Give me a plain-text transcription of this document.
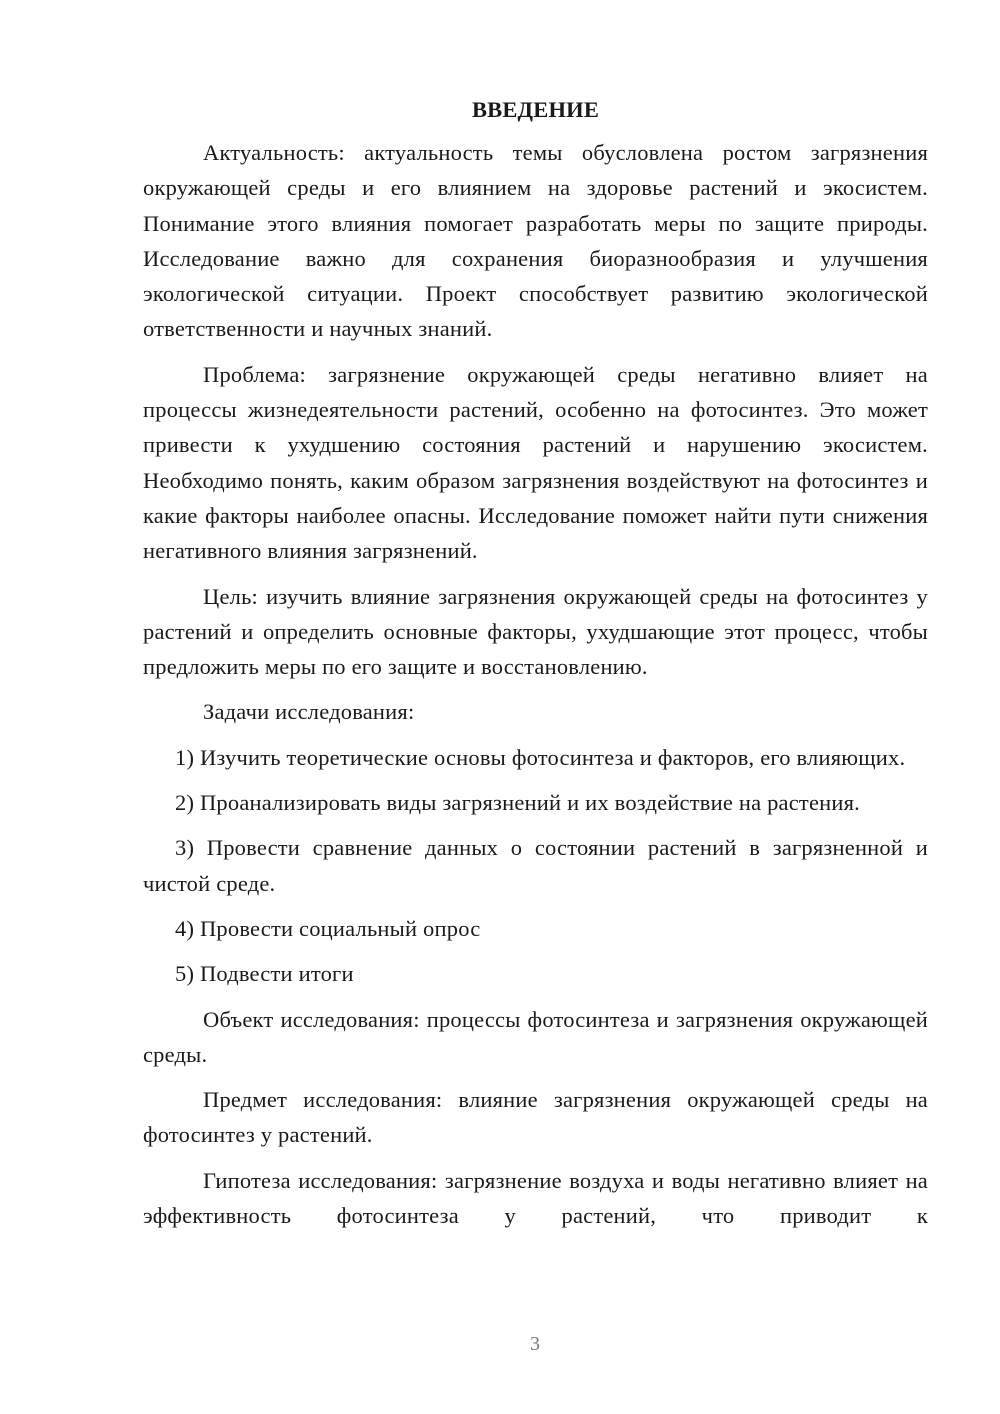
ВВЕДЕНИЕ

Актуальность: актуальность темы обусловлена ростом загрязнения окружающей среды и его влиянием на здоровье растений и экосистем. Понимание этого влияния помогает разработать меры по защите природы. Исследование важно для сохранения биоразнообразия и улучшения экологической ситуации. Проект способствует развитию экологической ответственности и научных знаний.

Проблема: загрязнение окружающей среды негативно влияет на процессы жизнедеятельности растений, особенно на фотосинтез. Это может привести к ухудшению состояния растений и нарушению экосистем. Необходимо понять, каким образом загрязнения воздействуют на фотосинтез и какие факторы наиболее опасны. Исследование поможет найти пути снижения негативного влияния загрязнений.

Цель: изучить влияние загрязнения окружающей среды на фотосинтез у растений и определить основные факторы, ухудшающие этот процесс, чтобы предложить меры по его защите и восстановлению.

Задачи исследования:

1) Изучить теоретические основы фотосинтеза и факторов, его влияющих.

2) Проанализировать виды загрязнений и их воздействие на растения.

3) Провести сравнение данных о состоянии растений в загрязненной и чистой среде.

4) Провести социальный опрос

5) Подвести итоги

Объект исследования: процессы фотосинтеза и загрязнения окружающей среды.

Предмет исследования: влияние загрязнения окружающей среды на фотосинтез у растений.

Гипотеза исследования: загрязнение воздуха и воды негативно влияет на эффективность фотосинтеза у растений, что приводит к

3
